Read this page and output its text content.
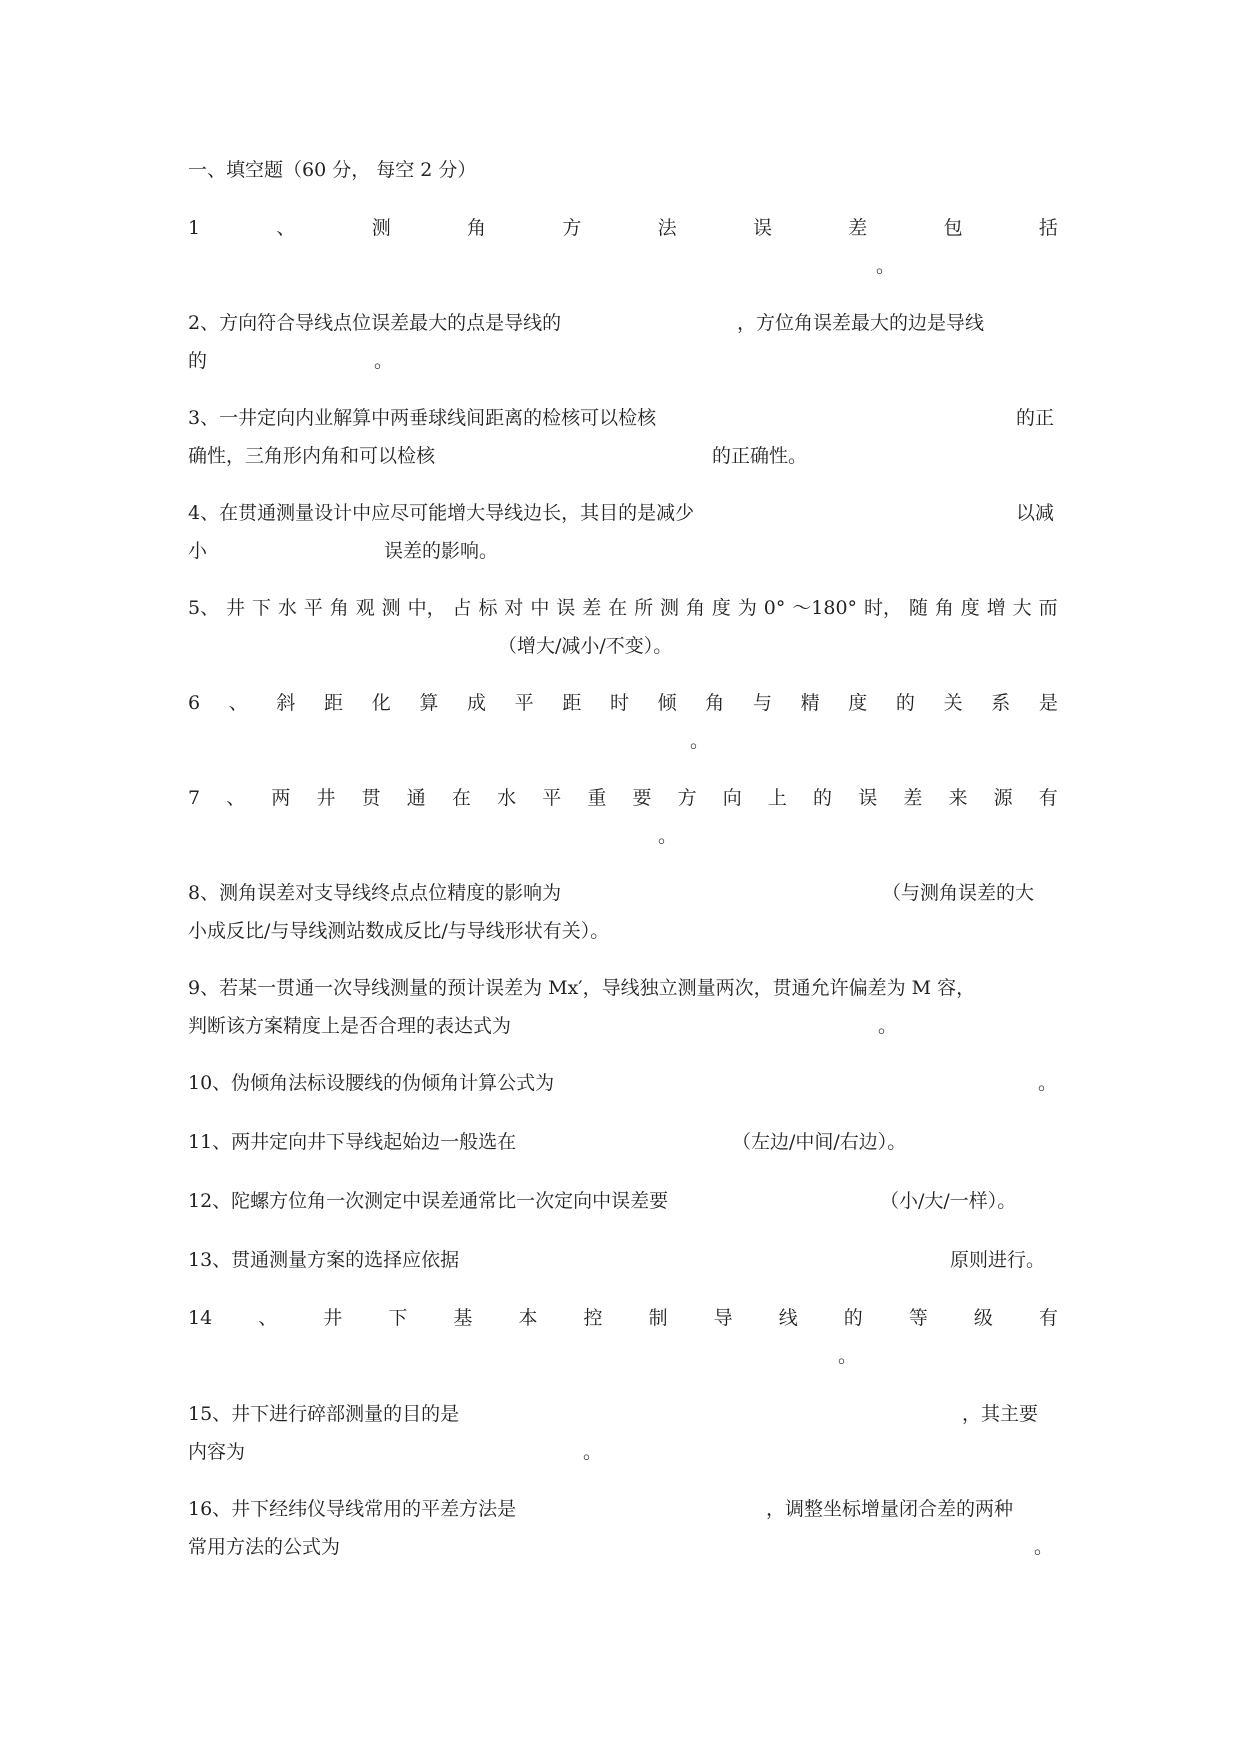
一、填空题（60 分， 每空 2 分）
1	、	测	角	方	法	误	差	包	括
。
2、方向符合导线点位误差最大的点是导线的	，方位角误差最大的边是导线
的	。
3、一井定向内业解算中两垂球线间距离的检核可以检核	的正
确性，三角形内角和可以检核	的正确性。
4、在贯通测量设计中应尽可能增大导线边长，其目的是减少	以减
小	误差的影响。
5、 井 下 水 平 角 观 测 中， 占 标 对 中 误 差 在 所 测 角 度 为 0° ～180° 时， 随 角 度 增 大 而
（增大/减小/不变）。
6 、 斜 距 化 算 成 平 距 时 倾 角 与 精 度 的 关 系 是
。
7 、 两 井 贯 通 在 水 平 重 要 方 向 上 的 误 差 来 源 有
。
8、测角误差对支导线终点点位精度的影响为	（与测角误差的大
小成反比/与导线测站数成反比/与导线形状有关）。
9、若某一贯通一次导线测量的预计误差为 Mx′，导线独立测量两次，贯通允许偏差为 M 容，
判断该方案精度上是否合理的表达式为	。
10、伪倾角法标设腰线的伪倾角计算公式为	。
11、两井定向井下导线起始边一般选在	（左边/中间/右边）。
12、陀螺方位角一次测定中误差通常比一次定向中误差要	（小/大/一样）。
13、贯通测量方案的选择应依据	原则进行。
14 、 井 下 基 本 控 制 导 线 的 等 级 有
。
15、井下进行碎部测量的目的是	，其主要
内容为	。
16、井下经纬仪导线常用的平差方法是	，调整坐标增量闭合差的两种
常用方法的公式为	。
